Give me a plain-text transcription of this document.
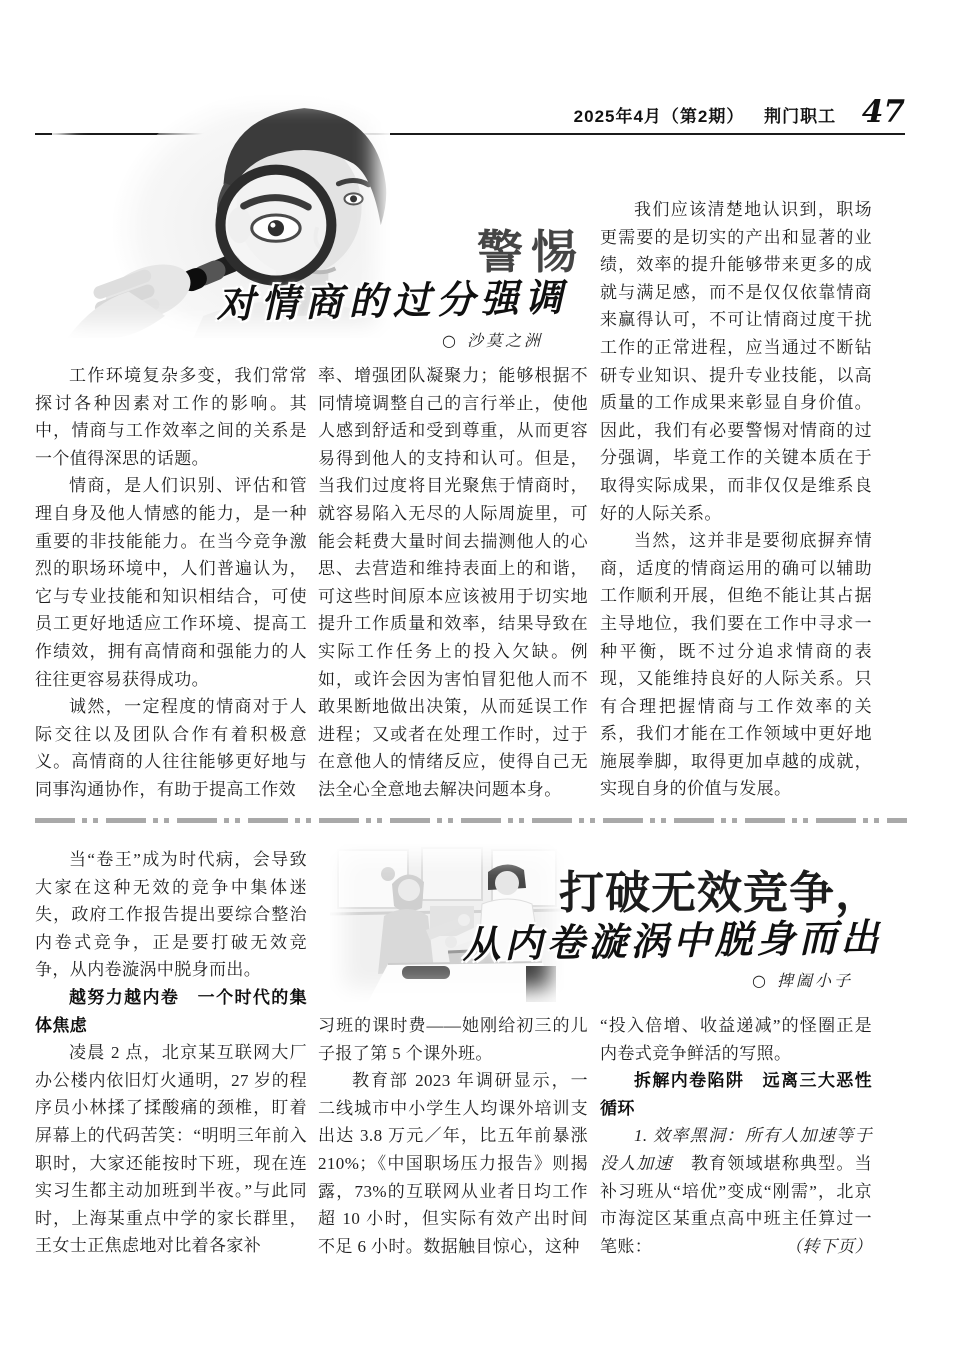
2025年4月（第2期） 荆门职工 47
警惕
对情商的过分强调
○ 沙莫之洲

工作环境复杂多变，我们常常探讨各种因素对工作的影响。其中，情商与工作效率之间的关系是一个值得深思的话题。

情商，是人们识别、评估和管理自身及他人情感的能力，是一种重要的非技能能力。在当今竞争激烈的职场环境中，人们普遍认为，它与专业技能和知识相结合，可使员工更好地适应工作环境、提高工作绩效，拥有高情商和强能力的人往往更容易获得成功。

诚然，一定程度的情商对于人际交往以及团队合作有着积极意义。高情商的人往往能够更好地与同事沟通协作，有助于提高工作效

率、增强团队凝聚力；能够根据不同情境调整自己的言行举止，使他人感到舒适和受到尊重，从而更容易得到他人的支持和认可。但是，当我们过度将目光聚焦于情商时，就容易陷入无尽的人际周旋里，可能会耗费大量时间去揣测他人的心思、去营造和维持表面上的和谐，可这些时间原本应该被用于切实地提升工作质量和效率，结果导致在实际工作任务上的投入欠缺。例如，或许会因为害怕冒犯他人而不敢果断地做出决策，从而延误工作进程；又或者在处理工作时，过于在意他人的情绪反应，使得自己无法全心全意地去解决问题本身。

我们应该清楚地认识到，职场更需要的是切实的产出和显著的业绩，效率的提升能够带来更多的成就与满足感，而不是仅仅依靠情商来赢得认可，不可让情商过度干扰工作的正常进程，应当通过不断钻研专业知识、提升专业技能，以高质量的工作成果来彰显自身价值。因此，我们有必要警惕对情商的过分强调，毕竟工作的关键本质在于取得实际成果，而非仅仅是维系良好的人际关系。

当然，这并非是要彻底摒弃情商，适度的情商运用的确可以辅助工作顺利开展，但绝不能让其占据主导地位，我们要在工作中寻求一种平衡，既不过分追求情商的表现，又能维持良好的人际关系。只有合理把握情商与工作效率的关系，我们才能在工作领域中更好地施展拳脚，取得更加卓越的成就，实现自身的价值与发展。

打破无效竞争，
从内卷漩涡中脱身而出
○ 捭阖小子

当“卷王”成为时代病，会导致大家在这种无效的竞争中集体迷失，政府工作报告提出要综合整治内卷式竞争，正是要打破无效竞争，从内卷漩涡中脱身而出。

越努力越内卷　一个时代的集体焦虑

凌晨 2 点，北京某互联网大厂办公楼内依旧灯火通明，27 岁的程序员小林揉了揉酸痛的颈椎，盯着屏幕上的代码苦笑：“明明三年前入职时，大家还能按时下班，现在连实习生都主动加班到半夜。”与此同时，上海某重点中学的家长群里，王女士正焦虑地对比着各家补

习班的课时费——她刚给初三的儿子报了第 5 个课外班。

教育部 2023 年调研显示，一二线城市中小学生人均课外培训支出达 3.8 万元／年，比五年前暴涨 210%；《中国职场压力报告》则揭露，73%的互联网从业者日均工作超 10 小时，但实际有效产出时间不足 6 小时。数据触目惊心，这种

“投入倍增、收益递减”的怪圈正是内卷式竞争鲜活的写照。

拆解内卷陷阱　远离三大恶性循环

1. 效率黑洞：所有人加速等于没人加速　教育领域堪称典型。当补习班从“培优”变成“刚需”，北京市海淀区某重点高中班主任算过一笔账：	（转下页）
